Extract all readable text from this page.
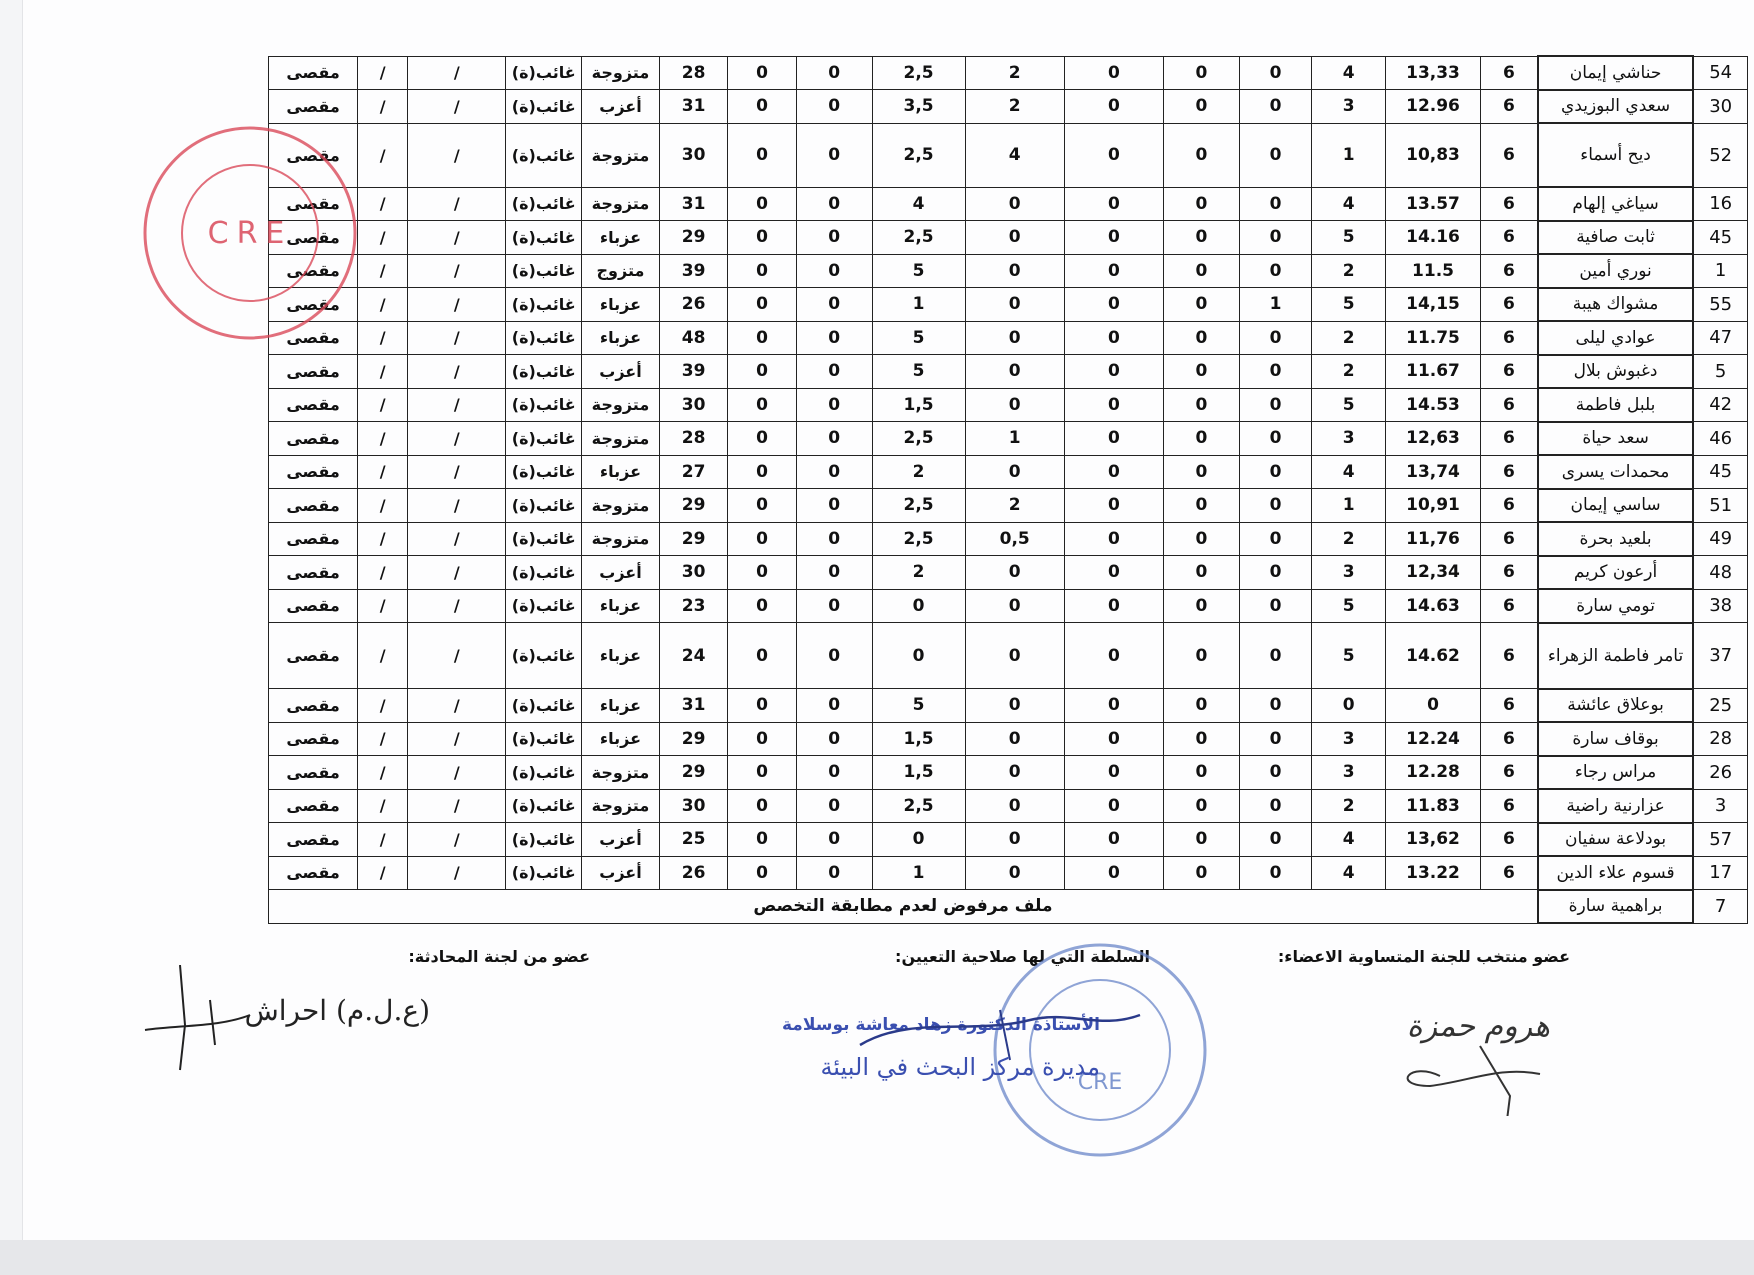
54	حناشي إيمان	6	13,33	4	0	0	0	2	2,5	0	0	28	متزوجة	غائب(ة)	/	/	مقصى
30	سعدي البوزيدي	6	12.96	3	0	0	0	2	3,5	0	0	31	أعزب	غائب(ة)	/	/	مقصى
52	ديح أسماء	6	10,83	1	0	0	0	4	2,5	0	0	30	متزوجة	غائب(ة)	/	/	مقصى
16	سياغي إلهام	6	13.57	4	0	0	0	0	4	0	0	31	متزوجة	غائب(ة)	/	/	مقصى
45	ثابت صافية	6	14.16	5	0	0	0	0	2,5	0	0	29	عزباء	غائب(ة)	/	/	مقصى
1	نوري أمين	6	11.5	2	0	0	0	0	5	0	0	39	متزوج	غائب(ة)	/	/	مقصى
55	مشواك هيبة	6	14,15	5	1	0	0	0	1	0	0	26	عزباء	غائب(ة)	/	/	مقصى
47	عوادي ليلى	6	11.75	2	0	0	0	0	5	0	0	48	عزباء	غائب(ة)	/	/	مقصى
5	دغبوش بلال	6	11.67	2	0	0	0	0	5	0	0	39	أعزب	غائب(ة)	/	/	مقصى
42	بلبل فاطمة	6	14.53	5	0	0	0	0	1,5	0	0	30	متزوجة	غائب(ة)	/	/	مقصى
46	سعد حياة	6	12,63	3	0	0	0	1	2,5	0	0	28	متزوجة	غائب(ة)	/	/	مقصى
45	محمدات يسرى	6	13,74	4	0	0	0	0	2	0	0	27	عزباء	غائب(ة)	/	/	مقصى
51	ساسي إيمان	6	10,91	1	0	0	0	2	2,5	0	0	29	متزوجة	غائب(ة)	/	/	مقصى
49	بلعيد بحرة	6	11,76	2	0	0	0	0,5	2,5	0	0	29	متزوجة	غائب(ة)	/	/	مقصى
48	أرعون كريم	6	12,34	3	0	0	0	0	2	0	0	30	أعزب	غائب(ة)	/	/	مقصى
38	تومي سارة	6	14.63	5	0	0	0	0	0	0	0	23	عزباء	غائب(ة)	/	/	مقصى
37	تامر فاطمة الزهراء	6	14.62	5	0	0	0	0	0	0	0	24	عزباء	غائب(ة)	/	/	مقصى
25	بوعلاق عائشة	6	0	0	0	0	0	0	5	0	0	31	عزباء	غائب(ة)	/	/	مقصى
28	بوقاف سارة	6	12.24	3	0	0	0	0	1,5	0	0	29	عزباء	غائب(ة)	/	/	مقصى
26	مراس رجاء	6	12.28	3	0	0	0	0	1,5	0	0	29	متزوجة	غائب(ة)	/	/	مقصى
3	عزارنية راضية	6	11.83	2	0	0	0	0	2,5	0	0	30	متزوجة	غائب(ة)	/	/	مقصى
57	بودلاعة سفيان	6	13,62	4	0	0	0	0	0	0	0	25	أعزب	غائب(ة)	/	/	مقصى
17	قسوم علاء الدين	6	13.22	4	0	0	0	0	1	0	0	26	أعزب	غائب(ة)	/	/	مقصى
7	براهمية سارة	ملف مرفوض لعدم مطابقة التخصص															
عضو منتخب للجنة المتساوية الاعضاء:
هروم حمزة
السلطة التي لها صلاحية التعيين:
عضو من لجنة المحادثة:
(ع.ل.م) احراش
CRE
الأستاذة الدكتورة زهاد معاشة بوسلامة
مديرة مركز البحث في البيئة
CRE
